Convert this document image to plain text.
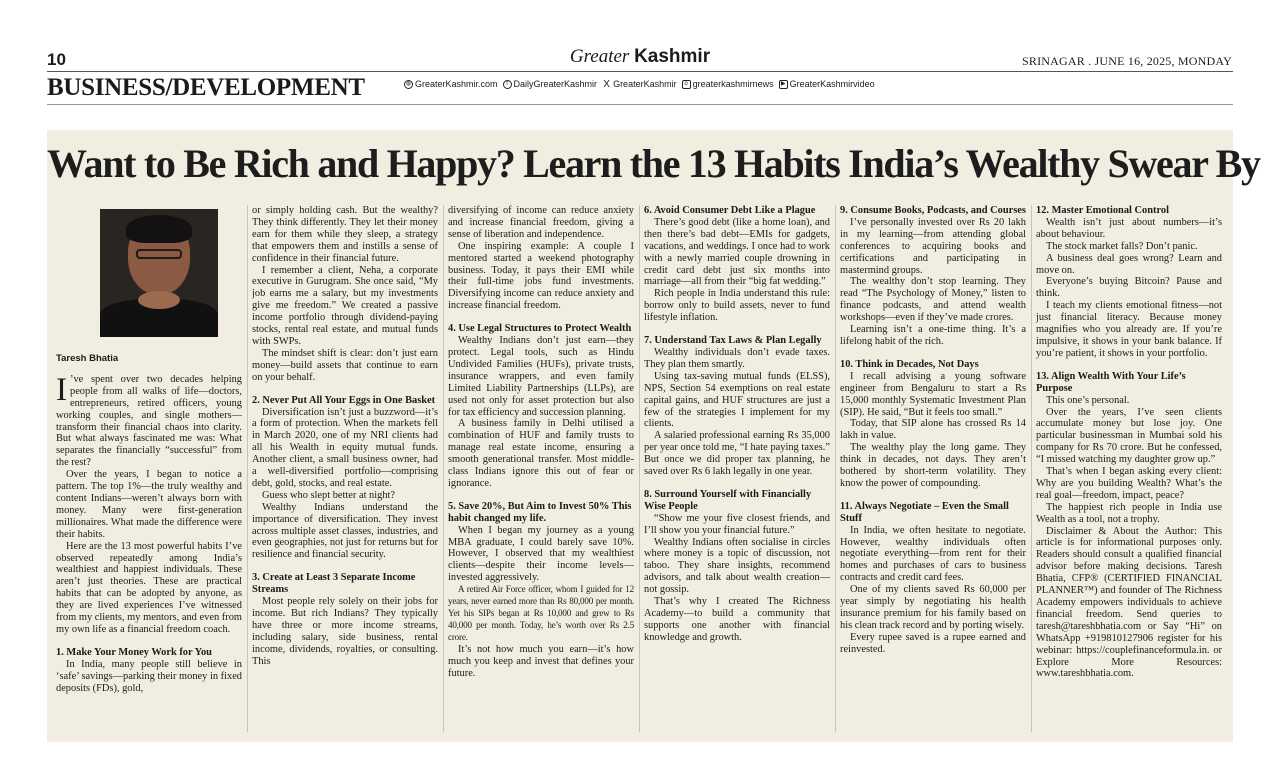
10	Greater Kashmir	SRINAGAR . JUNE 16, 2025, MONDAY
BUSINESS/DEVELOPMENT	◍ GreaterKashmir.com	f DailyGreaterKashmir X GreaterKashmir	o greaterkashmirnews	▶ GreaterKashmirvideo
Want to Be Rich and Happy? Learn the 13 Habits India’s Wealthy Swear By
Taresh Bhatia

I ’ve spent over two decades helping people from all walks of life—doctors, entrepreneurs, retired officers, young working couples, and single mothers—transform their financial chaos into clarity. But what always fascinated me was: What separates the financially “successful” from the rest?

Over the years, I began to notice a pattern. The top 1%—the truly wealthy and content Indians—weren’t always born with money. Many were first-generation millionaires. What made the difference were their habits.

Here are the 13 most powerful habits I’ve observed repeatedly among India’s wealthiest and happiest individuals. These aren’t just theories. These are practical habits that can be adopted by anyone, as they are lived experiences I’ve witnessed from my clients, my mentors, and even from my own life as a financial freedom coach.

1. Make Your Money Work for You

In India, many people still believe in ‘safe’ savings—parking their money in fixed deposits (FDs), gold,

or simply holding cash. But the wealthy? They think differently. They let their money earn for them while they sleep, a strategy that empowers them and instills a sense of confidence in their financial future.

I remember a client, Neha, a corporate executive in Gurugram. She once said, “My job earns me a salary, but my investments give me freedom.” We created a passive income portfolio through dividend-paying stocks, rental real estate, and mutual funds with SWPs.

The mindset shift is clear: don’t just earn money—build assets that continue to earn on your behalf.

2. Never Put All Your Eggs in One Basket

Diversification isn’t just a buzzword—it’s a form of protection. When the markets fell in March 2020, one of my NRI clients had all his Wealth in equity mutual funds. Another client, a small business owner, had a well-diversified portfolio—comprising debt, gold, stocks, and real estate.

Guess who slept better at night?

Wealthy Indians understand the importance of diversification. They invest across multiple asset classes, industries, and even geographies, not just for returns but for resilience and financial security.

3. Create at Least 3 Separate Income Streams

Most people rely solely on their jobs for income. But rich Indians? They typically have three or more income streams, including salary, side business, rental income, dividends, royalties, or consulting. This

diversifying of income can reduce anxiety and increase financial freedom, giving a sense of liberation and independence.

One inspiring example: A couple I mentored started a weekend photography business. Today, it pays their EMI while their full-time jobs fund investments. Diversifying income can reduce anxiety and increase financial freedom.

4. Use Legal Structures to Protect Wealth

Wealthy Indians don’t just earn—they protect. Legal tools, such as Hindu Undivided Families (HUFs), private trusts, insurance wrappers, and even family Limited Liability Partnerships (LLPs), are used not only for asset protection but also for tax efficiency and succession planning.

A business family in Delhi utilised a combination of HUF and family trusts to manage real estate income, ensuring a smooth generational transfer. Most middle-class Indians ignore this out of fear or ignorance.

5. Save 20%, But Aim to Invest 50% This habit changed my life.

When I began my journey as a young MBA graduate, I could barely save 10%. However, I observed that my wealthiest clients—despite their income levels—invested aggressively.

A retired Air Force officer, whom I guided for 12 years, never earned more than Rs 80,000 per month. Yet his SIPs began at Rs 10,000 and grew to Rs 40,000 per month. Today, he’s worth over Rs 2.5 crore.

It’s not how much you earn—it’s how much you keep and invest that defines your future.

6. Avoid Consumer Debt Like a Plague

There’s good debt (like a home loan), and then there’s bad debt—EMIs for gadgets, vacations, and weddings. I once had to work with a newly married couple drowning in credit card debt just six months into marriage—all from their “big fat wedding.”

Rich people in India understand this rule: borrow only to build assets, never to fund lifestyle inflation.

7. Understand Tax Laws & Plan Legally

Wealthy individuals don’t evade taxes. They plan them smartly.

Using tax-saving mutual funds (ELSS), NPS, Section 54 exemptions on real estate capital gains, and HUF structures are just a few of the strategies I implement for my clients.

A salaried professional earning Rs 35,000 per year once told me, “I hate paying taxes.” But once we did proper tax planning, he saved over Rs 6 lakh legally in one year.

8. Surround Yourself with Financially Wise People

“Show me your five closest friends, and I’ll show you your financial future.”

Wealthy Indians often socialise in circles where money is a topic of discussion, not taboo. They share insights, recommend advisors, and talk about wealth creation—not gossip.

That’s why I created The Richness Academy—to build a community that supports one another with financial knowledge and growth.

9. Consume Books, Podcasts, and Courses

I’ve personally invested over Rs 20 lakh in my learning—from attending global conferences to acquiring books and certifications and participating in mastermind groups.

The wealthy don’t stop learning. They read “The Psychology of Money,” listen to finance podcasts, and attend wealth workshops—even if they’ve made crores.

Learning isn’t a one-time thing. It’s a lifelong habit of the rich.

10. Think in Decades, Not Days

I recall advising a young software engineer from Bengaluru to start a Rs 15,000 monthly Systematic Investment Plan (SIP). He said, “But it feels too small.”

Today, that SIP alone has crossed Rs 14 lakh in value.

The wealthy play the long game. They think in decades, not days. They aren’t bothered by short-term volatility. They know the power of compounding.

11. Always Negotiate – Even the Small Stuff

In India, we often hesitate to negotiate. However, wealthy individuals often negotiate everything—from rent for their homes and purchases of cars to business contracts and credit card fees.

One of my clients saved Rs 60,000 per year simply by negotiating his health insurance premium for his family based on his clean track record and by porting wisely.

Every rupee saved is a rupee earned and reinvested.

12. Master Emotional Control

Wealth isn’t just about numbers—it’s about behaviour.

The stock market falls? Don’t panic.

A business deal goes wrong? Learn and move on.

Everyone’s buying Bitcoin? Pause and think.

I teach my clients emotional fitness—not just financial literacy. Because money magnifies who you already are. If you’re impulsive, it shows in your bank balance. If you’re patient, it shows in your portfolio.

13. Align Wealth With Your Life’s Purpose

This one’s personal.

Over the years, I’ve seen clients accumulate money but lose joy. One particular businessman in Mumbai sold his company for Rs 70 crore. But he confessed, “I missed watching my daughter grow up.”

That’s when I began asking every client: Why are you building Wealth? What’s the real goal—freedom, impact, peace?

The happiest rich people in India use Wealth as a tool, not a trophy.

Disclaimer & About the Author: This article is for informational purposes only. Readers should consult a qualified financial advisor before making decisions. Taresh Bhatia, CFP® (CERTIFIED FINANCIAL PLANNER™) and founder of The Richness Academy empowers individuals to achieve financial freedom. Send queries to taresh@tareshbhatia.com or Say “Hi” on WhatsApp +919810127906 register for his webinar: https://couplefinanceformula.in. or Explore More Resources: www.tareshbhatia.com.
